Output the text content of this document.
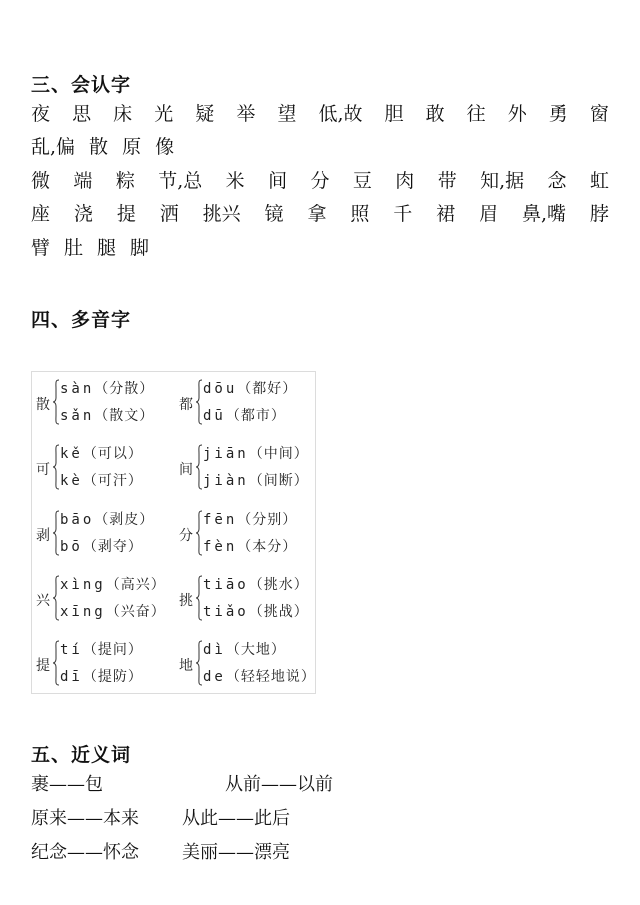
三、会认字
夜 思 床 光 疑 举 望 低,故 胆 敢 往 外 勇 窗
乱,偏 散 原 像
微 端 粽 节,总 米 间 分 豆 肉 带 知,据 念 虹
座 浇 提 洒 挑兴 镜 拿 照 千 裙 眉 鼻,嘴 脖
臂 肚 腿 脚
四、多音字
散
sàn（分散）
sǎn（散文）
都
dōu（都好）
dū（都市）
可
kě（可以）
kè（可汗）
间
jiān（中间）
jiàn（间断）
剥
bāo（剥皮）
bō（剥夺）
分
fēn（分别）
fèn（本分）
兴
xìng（高兴）
xīng（兴奋）
挑
tiāo（挑水）
tiǎo（挑战）
提
tí（提问）
dī（提防）
地
dì（大地）
de（轻轻地说）
五、近义词
裹——包	从前——以前
原来——本来 从此——此后
纪念——怀念 美丽——漂亮
